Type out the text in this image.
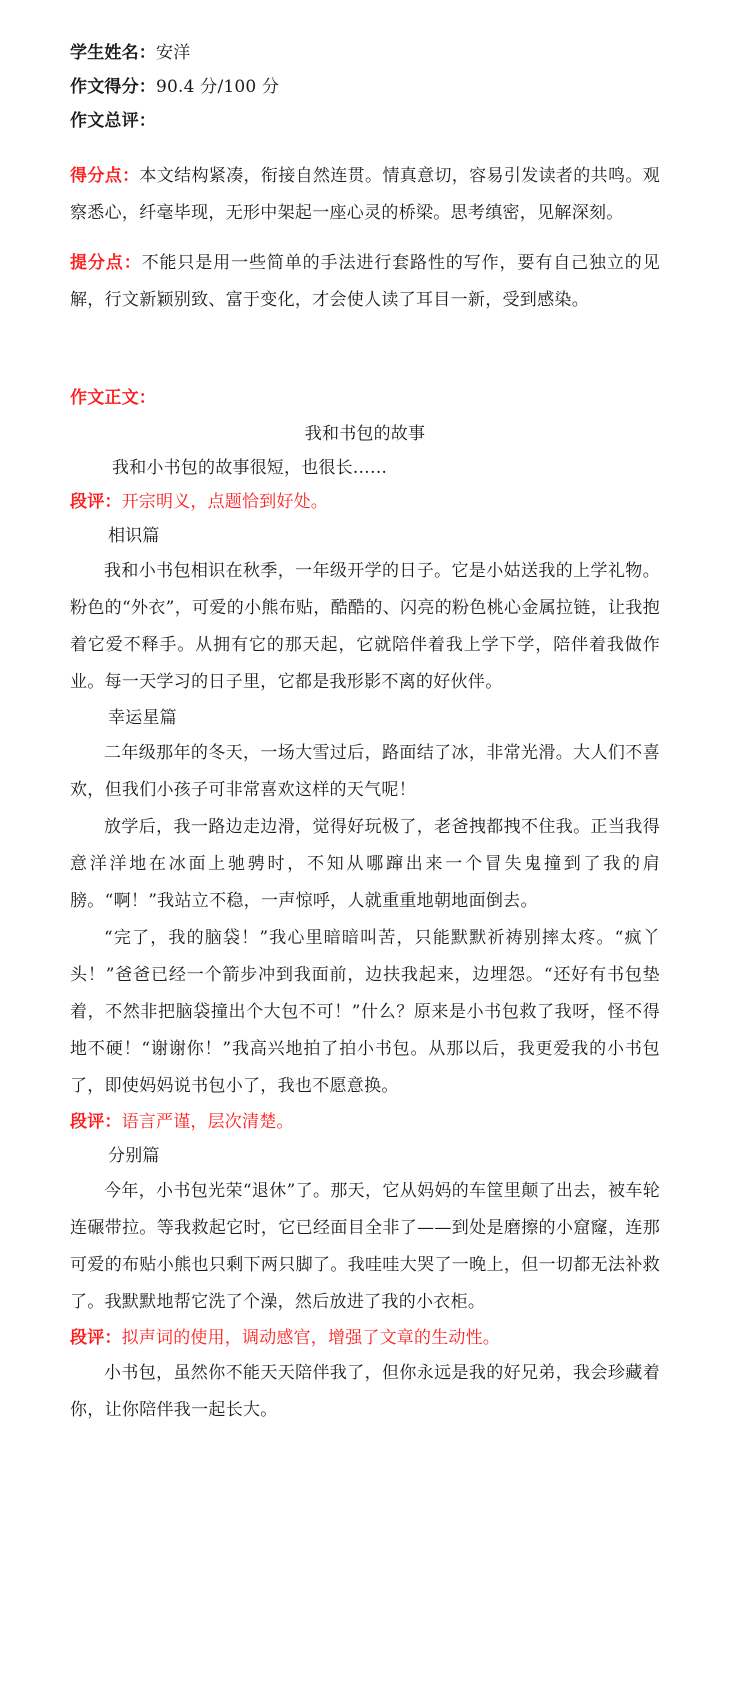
学生姓名：安洋

作文得分：90.4 分/100 分

作文总评：

得分点：本文结构紧凑，衔接自然连贯。情真意切，容易引发读者的共鸣。观察悉心，纤毫毕现，无形中架起一座心灵的桥梁。思考缜密，见解深刻。

提分点：不能只是用一些简单的手法进行套路性的写作，要有自己独立的见解，行文新颖别致、富于变化，才会使人读了耳目一新，受到感染。

作文正文：

我和书包的故事

我和小书包的故事很短，也很长……

段评：开宗明义，点题恰到好处。

相识篇

我和小书包相识在秋季，一年级开学的日子。它是小姑送我的上学礼物。粉色的“外衣”，可爱的小熊布贴，酷酷的、闪亮的粉色桃心金属拉链，让我抱着它爱不释手。从拥有它的那天起，它就陪伴着我上学下学，陪伴着我做作业。每一天学习的日子里，它都是我形影不离的好伙伴。

幸运星篇

二年级那年的冬天，一场大雪过后，路面结了冰，非常光滑。大人们不喜欢，但我们小孩子可非常喜欢这样的天气呢！

放学后，我一路边走边滑，觉得好玩极了，老爸拽都拽不住我。正当我得意洋洋地在冰面上驰骋时，不知从哪蹿出来一个冒失鬼撞到了我的肩膀。“啊！”我站立不稳，一声惊呼，人就重重地朝地面倒去。

“完了，我的脑袋！”我心里暗暗叫苦，只能默默祈祷别摔太疼。“疯丫头！”爸爸已经一个箭步冲到我面前，边扶我起来，边埋怨。“还好有书包垫着，不然非把脑袋撞出个大包不可！”什么？原来是小书包救了我呀，怪不得地不硬！“谢谢你！”我高兴地拍了拍小书包。从那以后，我更爱我的小书包了，即使妈妈说书包小了，我也不愿意换。

段评：语言严谨，层次清楚。

分别篇

今年，小书包光荣“退休”了。那天，它从妈妈的车筐里颠了出去，被车轮连碾带拉。等我救起它时，它已经面目全非了——到处是磨擦的小窟窿，连那可爱的布贴小熊也只剩下两只脚了。我哇哇大哭了一晚上，但一切都无法补救了。我默默地帮它洗了个澡，然后放进了我的小衣柜。

段评：拟声词的使用，调动感官，增强了文章的生动性。

小书包，虽然你不能天天陪伴我了，但你永远是我的好兄弟，我会珍藏着你，让你陪伴我一起长大。
